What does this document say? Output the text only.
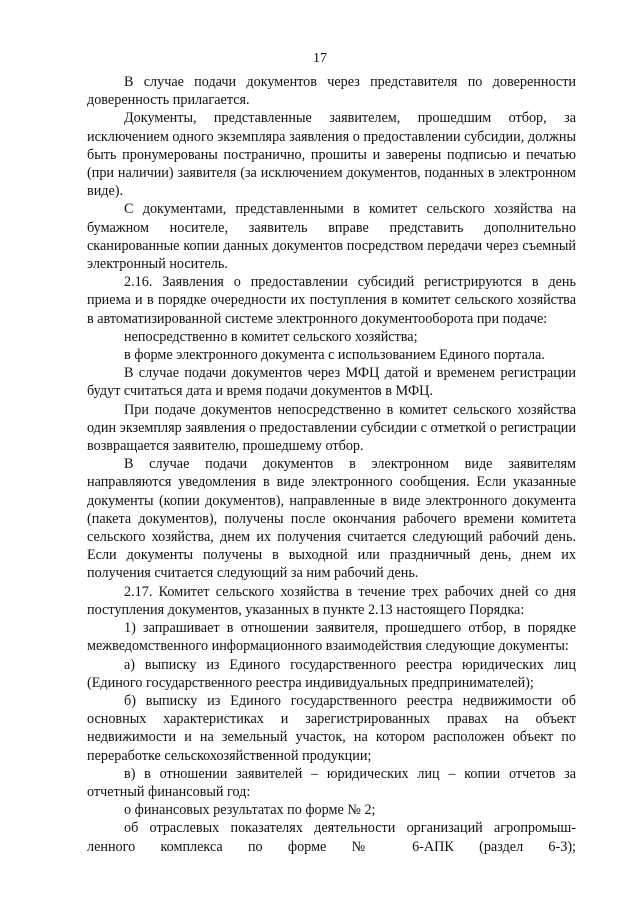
17

В случае подачи документов через представителя по доверенности доверенность прилагается.

Документы, представленные заявителем, прошедшим отбор, за исключением одного экземпляра заявления о предоставлении субсидии, должны быть пронумерованы постранично, прошиты и заверены подписью и печатью (при наличии) заявителя (за исключением документов, поданных в электронном виде).

С документами, представленными в комитет сельского хозяйства на бумажном носителе, заявитель вправе представить дополнительно сканированные копии данных документов посредством передачи через съемный электронный носитель.

2.16. Заявления о предоставлении субсидий регистрируются в день приема и в порядке очередности их поступления в комитет сельского хозяйства в автоматизированной системе электронного документооборота при подаче:

непосредственно в комитет сельского хозяйства;

в форме электронного документа с использованием Единого портала.

В случае подачи документов через МФЦ датой и временем регистрации будут считаться дата и время подачи документов в МФЦ.

При подаче документов непосредственно в комитет сельского хозяйства один экземпляр заявления о предоставлении субсидии с отметкой о регистрации возвращается заявителю, прошедшему отбор.

В случае подачи документов в электронном виде заявителям направляются уведомления в виде электронного сообщения. Если указанные документы (копии документов), направленные в виде электронного документа (пакета документов), получены после окончания рабочего времени комитета сельского хозяйства, днем их получения считается следующий рабочий день. Если документы получены в выходной или праздничный день, днем их получения считается следующий за ним рабочий день.

2.17. Комитет сельского хозяйства в течение трех рабочих дней со дня поступления документов, указанных в пункте 2.13 настоящего Порядка:

1) запрашивает в отношении заявителя, прошедшего отбор, в порядке межведомственного информационного взаимодействия следующие документы:

а) выписку из Единого государственного реестра юридических лиц (Единого государственного реестра индивидуальных предпринимателей);

б) выписку из Единого государственного реестра недвижимости об основных характеристиках и зарегистрированных правах на объект недвижимости и на земельный участок, на котором расположен объект по переработке сельскохозяйственной продукции;

в) в отношении заявителей – юридических лиц – копии отчетов за отчетный финансовый год:

о финансовых результатах по форме № 2;

об отраслевых показателях деятельности организаций агропромышленного комплекса по форме № 6-АПК (раздел 6-3);
